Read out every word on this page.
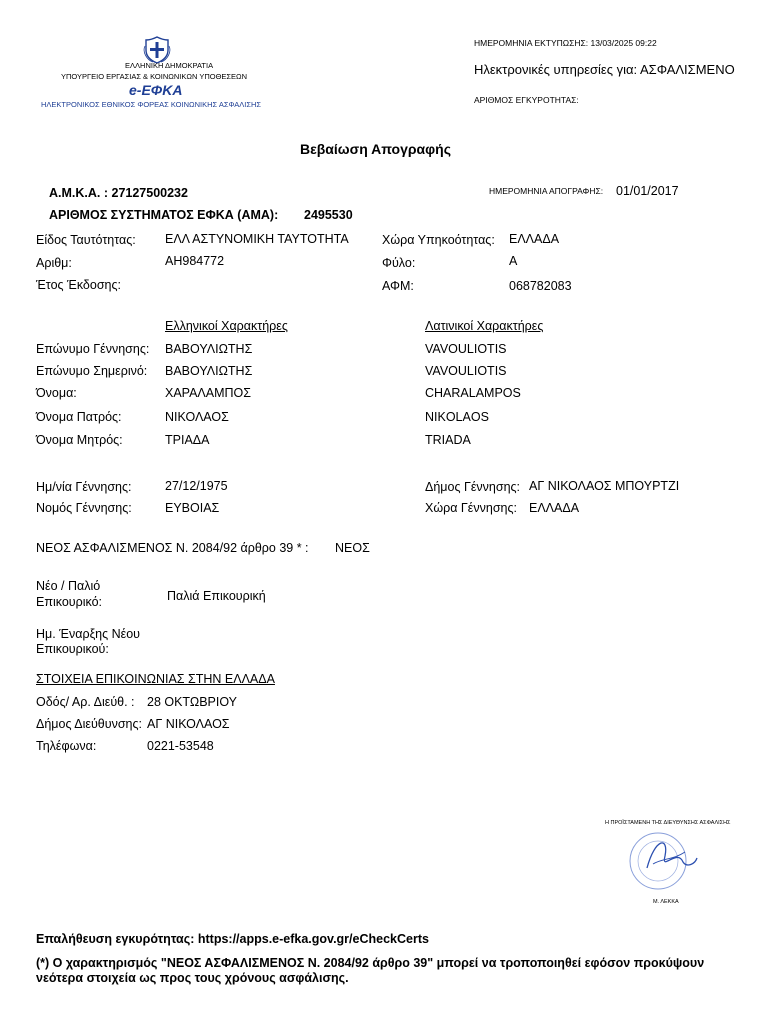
ΕΛΛΗΝΙΚΗ ΔΗΜΟΚΡΑΤΙΑ
ΥΠΟΥΡΓΕΙΟ ΕΡΓΑΣΙΑΣ & ΚΟΙΝΩΝΙΚΩΝ ΥΠΟΘΕΣΕΩΝ
e-ΕΦΚΑ
ΗΛΕΚΤΡΟΝΙΚΟΣ ΕΘΝΙΚΟΣ ΦΟΡΕΑΣ ΚΟΙΝΩΝΙΚΗΣ ΑΣΦΑΛΙΣΗΣ
ΗΜΕΡΟΜΗΝΙΑ ΕΚΤΥΠΩΣΗΣ: 13/03/2025 09:22
Ηλεκτρονικές υπηρεσίες για: ΑΣΦΑΛΙΣΜΕΝΟ
ΑΡΙΘΜΟΣ ΕΓΚΥΡΟΤΗΤΑΣ:
Βεβαίωση Απογραφής
Α.Μ.Κ.Α. : 27127500232	ΗΜΕΡΟΜΗΝΙΑ ΑΠΟΓΡΑΦΗΣ: 01/01/2017
ΑΡΙΘΜΟΣ ΣΥΣΤΗΜΑΤΟΣ ΕΦΚΑ (ΑΜΑ): 2495530
Είδος Ταυτότητας: ΕΛΛ ΑΣΤΥΝΟΜΙΚΗ ΤΑΥΤΟΤΗΤΑ	Χώρα Υπηκοότητας: ΕΛΛΑΔΑ
Αριθμ:	ΑΗ984772	Φύλο:	Α
Έτος Έκδοσης:	ΑΦΜ:	068782083
Ελληνικοί Χαρακτήρες	Λατινικοί Χαρακτήρες
Επώνυμο Γέννησης: ΒΑΒΟΥΛΙΩΤΗΣ	VAVOULIOTIS
Επώνυμο Σημερινό: ΒΑΒΟΥΛΙΩΤΗΣ	VAVOULIOTIS
Όνομα:	ΧΑΡΑΛΑΜΠΟΣ	CHARALAMPOS
Όνομα Πατρός:	ΝΙΚΟΛΑΟΣ	NIKOLAOS
Όνομα Μητρός:	ΤΡΙΑΔΑ	TRIADA
Ημ/νία Γέννησης:	27/12/1975	Δήμος Γέννησης: ΑΓ ΝΙΚΟΛΑΟΣ ΜΠΟΥΡΤΖΙ
Νομός Γέννησης:	ΕΥΒΟΙΑΣ	Χώρα Γέννησης: ΕΛΛΑΔΑ
ΝΕΟΣ ΑΣΦΑΛΙΣΜΕΝΟΣ Ν. 2084/92 άρθρο 39 * : ΝΕΟΣ
Νέο / Παλιό
Επικουρικό:	Παλιά Επικουρική
Ημ. Έναρξης Νέου
Επικουρικού:
ΣΤΟΙΧΕΙΑ ΕΠΙΚΟΙΝΩΝΙΑΣ ΣΤΗΝ ΕΛΛΑΔΑ
Οδός/ Αρ. Διεύθ. : 28 ΟΚΤΩΒΡΙΟΥ
Δήμος Διεύθυνσης: ΑΓ ΝΙΚΟΛΑΟΣ
Τηλέφωνα:	0221-53548
Η ΠΡΟΪΣΤΑΜΕΝΗ ΤΗΣ ΔΙΕΥΘΥΝΣΗΣ ΑΣΦΑΛΙΣΗΣ
Μ. ΛΕΚΚΑ
Επαλήθευση εγκυρότητας: https://apps.e-efka.gov.gr/eCheckCerts
(*) Ο χαρακτηρισμός "ΝΕΟΣ ΑΣΦΑΛΙΣΜΕΝΟΣ Ν. 2084/92 άρθρο 39" μπορεί να τροποποιηθεί εφόσον προκύψουν νεότερα στοιχεία ως προς τους χρόνους ασφάλισης.
